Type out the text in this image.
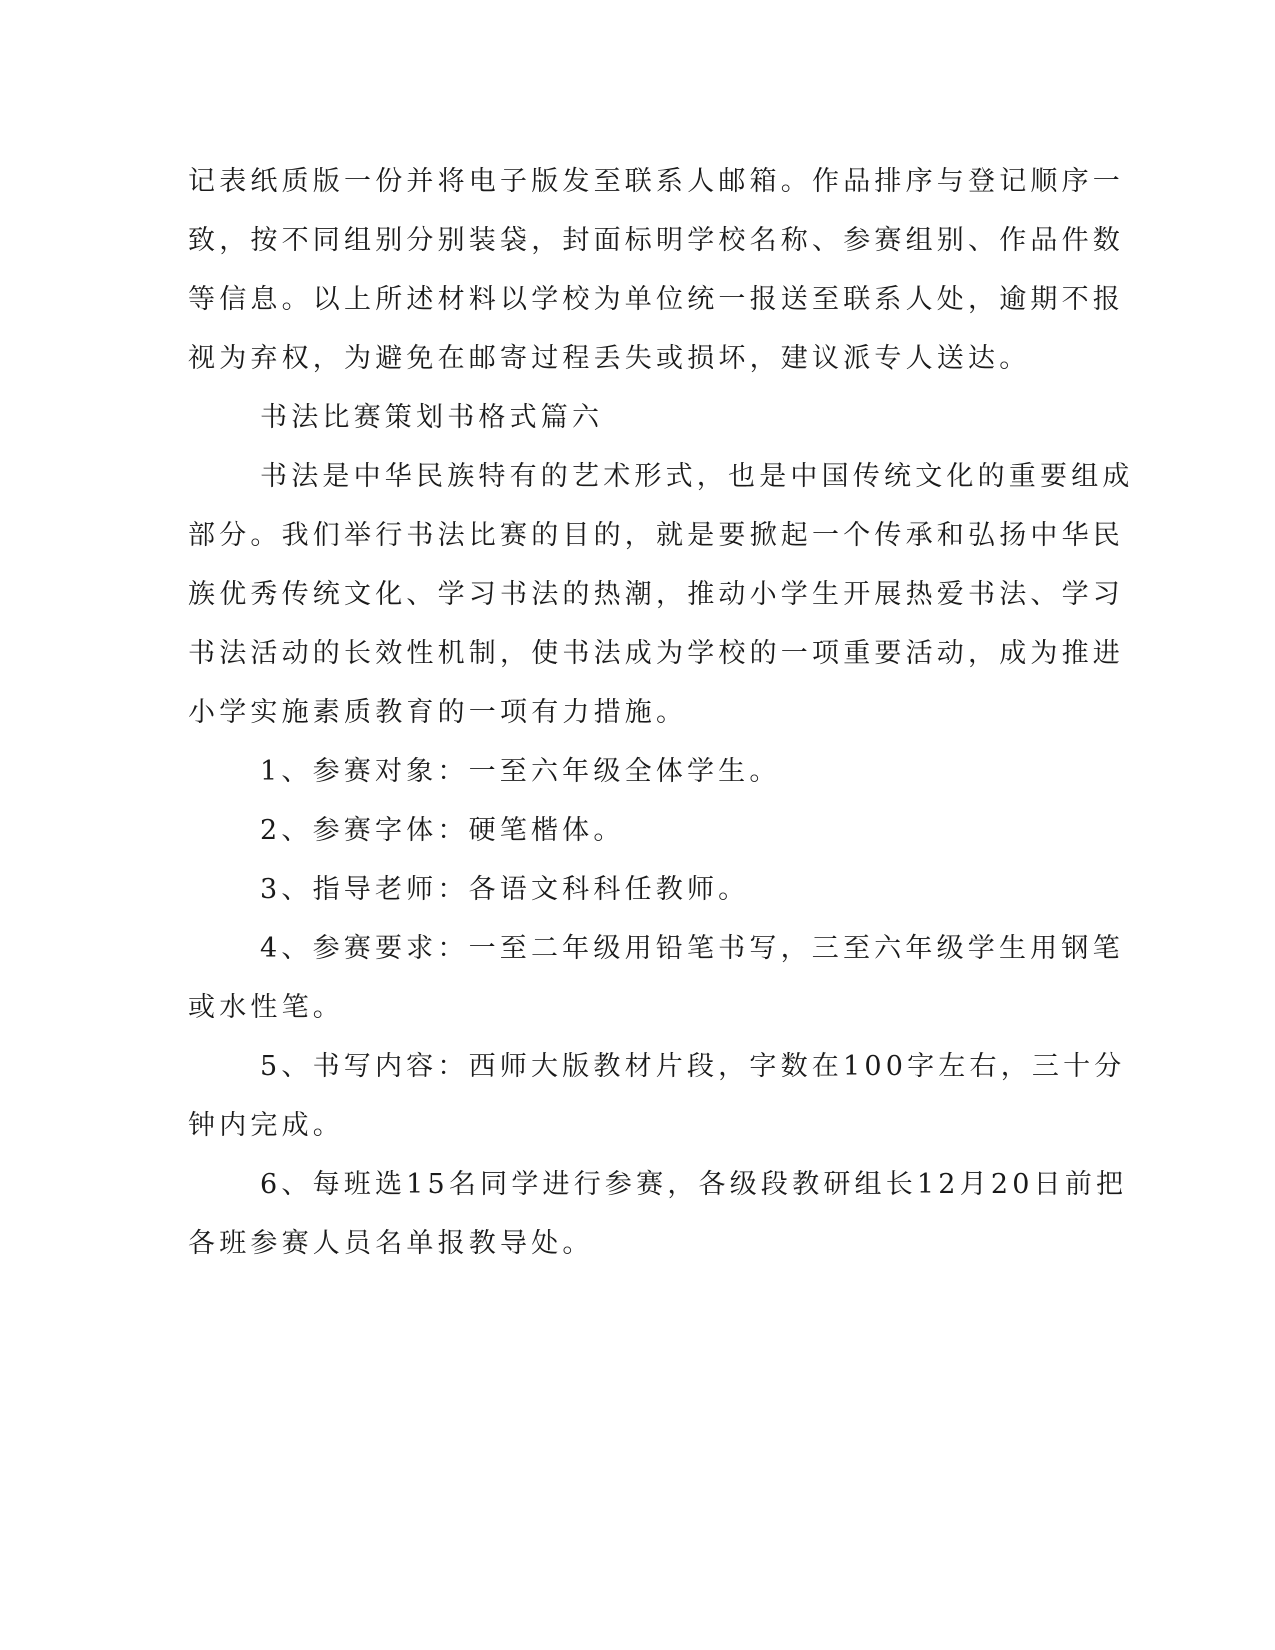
记表纸质版一份并将电子版发至联系人邮箱。作品排序与登记顺序一
致，按不同组别分别装袋，封面标明学校名称、参赛组别、作品件数
等信息。以上所述材料以学校为单位统一报送至联系人处，逾期不报
视为弃权，为避免在邮寄过程丢失或损坏，建议派专人送达。
书法比赛策划书格式篇六
书法是中华民族特有的艺术形式，也是中国传统文化的重要组成
部分。我们举行书法比赛的目的，就是要掀起一个传承和弘扬中华民
族优秀传统文化、学习书法的热潮，推动小学生开展热爱书法、学习
书法活动的长效性机制，使书法成为学校的一项重要活动，成为推进
小学实施素质教育的一项有力措施。
1、参赛对象：一至六年级全体学生。
2、参赛字体：硬笔楷体。
3、指导老师：各语文科科任教师。
4、参赛要求：一至二年级用铅笔书写，三至六年级学生用钢笔
或水性笔。
5、书写内容：西师大版教材片段，字数在100字左右，三十分
钟内完成。
6、每班选15名同学进行参赛，各级段教研组长12月20日前把
各班参赛人员名单报教导处。
